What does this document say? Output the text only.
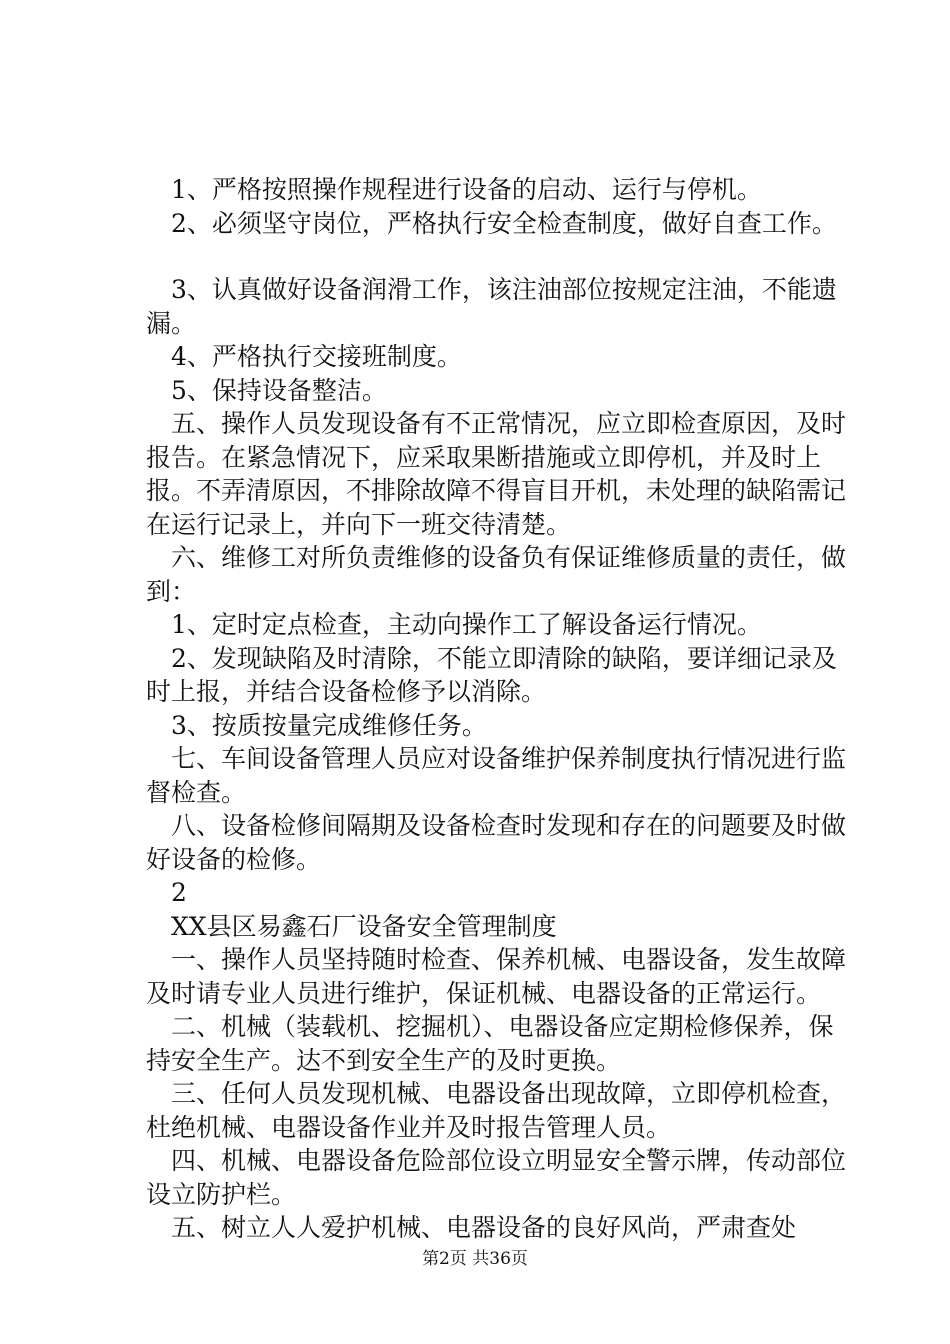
　1、严格按照操作规程进行设备的启动、运行与停机。

　2、必须坚守岗位，严格执行安全检查制度，做好自查工作。

　3、认真做好设备润滑工作，该注油部位按规定注油，不能遗漏。

　4、严格执行交接班制度。

　5、保持设备整洁。

　五、操作人员发现设备有不正常情况，应立即检查原因，及时报告。在紧急情况下，应采取果断措施或立即停机，并及时上报。不弄清原因，不排除故障不得盲目开机，未处理的缺陷需记在运行记录上，并向下一班交待清楚。

　六、维修工对所负责维修的设备负有保证维修质量的责任，做到：

　1、定时定点检查，主动向操作工了解设备运行情况。

　2、发现缺陷及时清除，不能立即清除的缺陷，要详细记录及时上报，并结合设备检修予以消除。

　3、按质按量完成维修任务。

　七、车间设备管理人员应对设备维护保养制度执行情况进行监督检查。

　八、设备检修间隔期及设备检查时发现和存在的问题要及时做好设备的检修。

　2

　XX县区易鑫石厂设备安全管理制度

　一、操作人员坚持随时检查、保养机械、电器设备，发生故障及时请专业人员进行维护，保证机械、电器设备的正常运行。

　二、机械（装载机、挖掘机）、电器设备应定期检修保养，保持安全生产。达不到安全生产的及时更换。

　三、任何人员发现机械、电器设备出现故障，立即停机检查，杜绝机械、电器设备作业并及时报告管理人员。

　四、机械、电器设备危险部位设立明显安全警示牌，传动部位设立防护栏。

　五、树立人人爱护机械、电器设备的良好风尚，严肃查处

第2页 共36页
